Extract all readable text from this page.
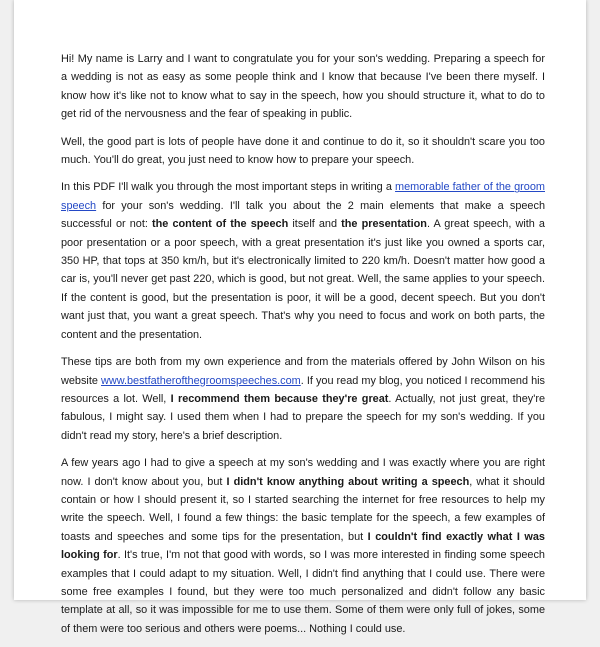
Hi! My name is Larry and I want to congratulate you for your son's wedding. Preparing a speech for a wedding is not as easy as some people think and I know that because I've been there myself. I know how it's like not to know what to say in the speech, how you should structure it, what to do to get rid of the nervousness and the fear of speaking in public.

Well, the good part is lots of people have done it and continue to do it, so it shouldn't scare you too much. You'll do great, you just need to know how to prepare your speech.

In this PDF I'll walk you through the most important steps in writing a memorable father of the groom speech for your son's wedding. I'll talk you about the 2 main elements that make a speech successful or not: the content of the speech itself and the presentation. A great speech, with a poor presentation or a poor speech, with a great presentation it's just like you owned a sports car, 350 HP, that tops at 350 km/h, but it's electronically limited to 220 km/h. Doesn't matter how good a car is, you'll never get past 220, which is good, but not great. Well, the same applies to your speech. If the content is good, but the presentation is poor, it will be a good, decent speech. But you don't want just that, you want a great speech. That's why you need to focus and work on both parts, the content and the presentation.

These tips are both from my own experience and from the materials offered by John Wilson on his website www.bestfatherofthegroomspeeches.com. If you read my blog, you noticed I recommend his resources a lot. Well, I recommend them because they're great. Actually, not just great, they're fabulous, I might say. I used them when I had to prepare the speech for my son's wedding. If you didn't read my story, here's a brief description.

A few years ago I had to give a speech at my son's wedding and I was exactly where you are right now. I don't know about you, but I didn't know anything about writing a speech, what it should contain or how I should present it, so I started searching the internet for free resources to help my write the speech. Well, I found a few things: the basic template for the speech, a few examples of toasts and speeches and some tips for the presentation, but I couldn't find exactly what I was looking for. It's true, I'm not that good with words, so I was more interested in finding some speech examples that I could adapt to my situation. Well, I didn't find anything that I could use. There were some free examples I found, but they were too much personalized and didn't follow any basic template at all, so it was impossible for me to use them. Some of them were only full of jokes, some of them were too serious and others were poems... Nothing I could use.
